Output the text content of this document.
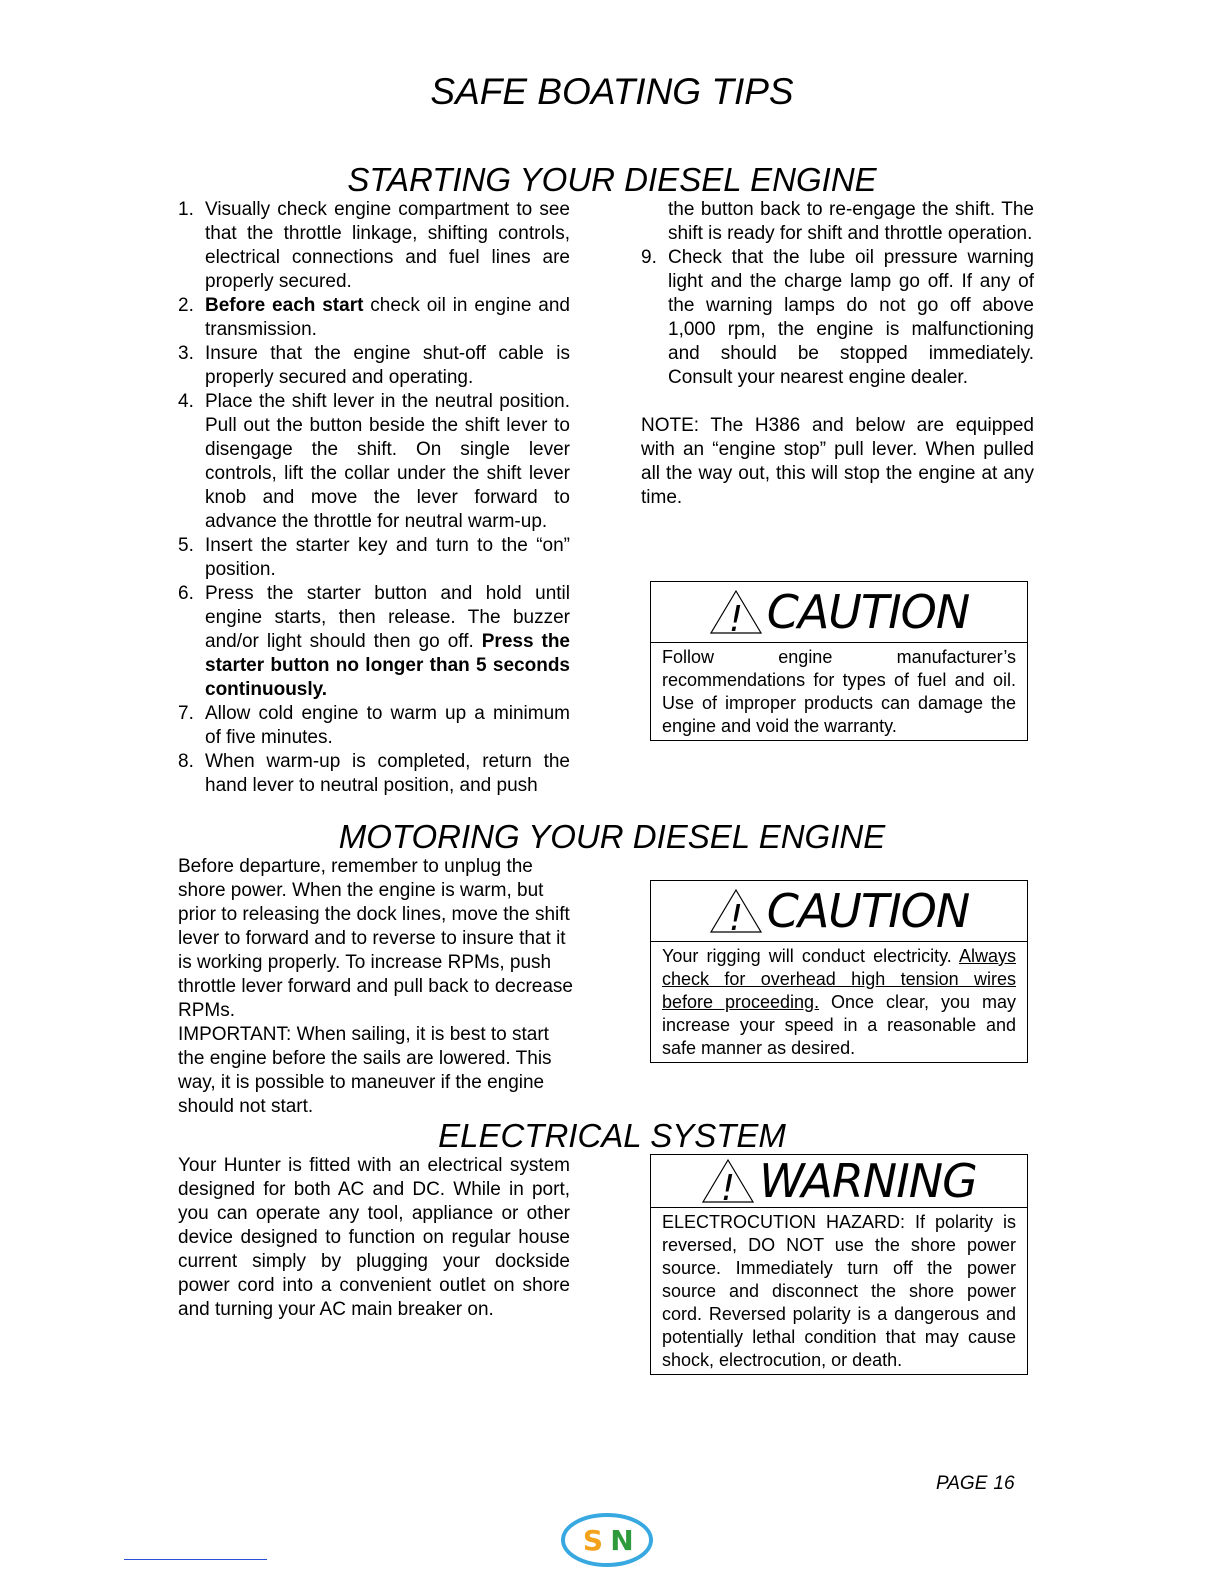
SAFE BOATING TIPS
STARTING YOUR DIESEL ENGINE
1. Visually check engine compartment to see that the throttle linkage, shifting controls, electrical connections and fuel lines are properly secured.
2. Before each start check oil in engine and transmission.
3. Insure that the engine shut-off cable is properly secured and operating.
4. Place the shift lever in the neutral position. Pull out the button beside the shift lever to disengage the shift. On single lever controls, lift the collar under the shift lever knob and move the lever forward to advance the throttle for neutral warm-up.
5. Insert the starter key and turn to the “on” position.
6. Press the starter button and hold until engine starts, then release. The buzzer and/or light should then go off. Press the starter button no longer than 5 seconds continuously.
7. Allow cold engine to warm up a minimum of five minutes.
8. When warm-up is completed, return the hand lever to neutral position, and push
the button back to re-engage the shift. The shift is ready for shift and throttle operation.
9. Check that the lube oil pressure warning light and the charge lamp go off. If any of the warning lamps do not go off above 1,000 rpm, the engine is malfunctioning and should be stopped immediately. Consult your nearest engine dealer.

NOTE: The H386 and below are equipped with an “engine stop” pull lever. When pulled all the way out, this will stop the engine at any time.

! CAUTION
Follow engine manufacturer’s recommendations for types of fuel and oil. Use of improper products can damage the engine and void the warranty.
MOTORING YOUR DIESEL ENGINE

Before departure, remember to unplug the shore power. When the engine is warm, but prior to releasing the dock lines, move the shift lever to forward and to reverse to insure that it is working properly. To increase RPMs, push throttle lever forward and pull back to decrease RPMs.

IMPORTANT: When sailing, it is best to start the engine before the sails are lowered. This way, it is possible to maneuver if the engine should not start.

! CAUTION
Your rigging will conduct electricity. Always check for overhead high tension wires before proceeding. Once clear, you may increase your speed in a reasonable and safe manner as desired.
ELECTRICAL SYSTEM
Your Hunter is fitted with an electrical system designed for both AC and DC. While in port, you can operate any tool, appliance or other device designed to function on regular house current simply by plugging your dockside power cord into a convenient outlet on shore and turning your AC main breaker on.
! WARNING
ELECTROCUTION HAZARD: If polarity is reversed, DO NOT use the shore power source. Immediately turn off the power source and disconnect the shore power cord. Reversed polarity is a dangerous and potentially lethal condition that may cause shock, electrocution, or death.
PAGE 16
S N
